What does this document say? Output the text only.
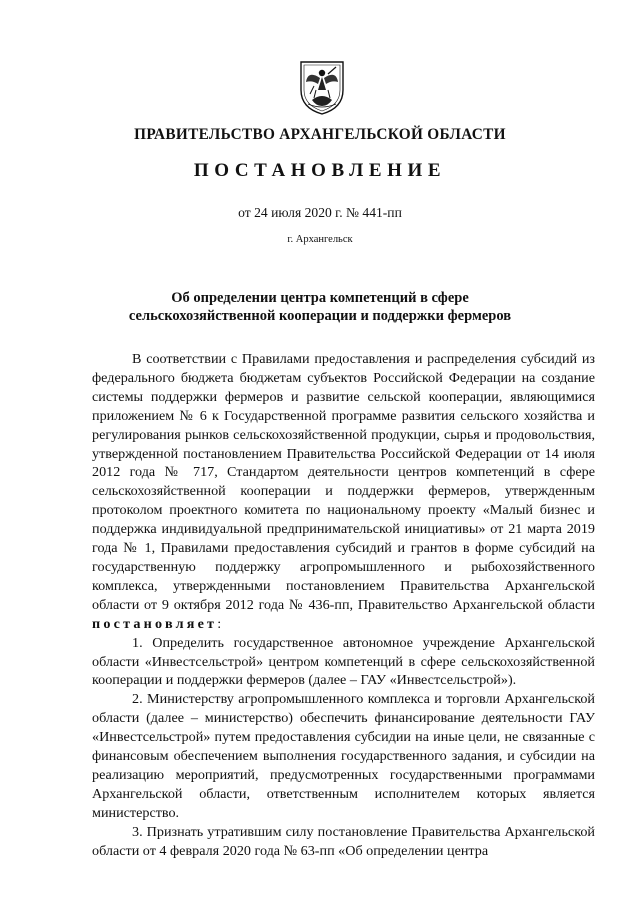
ПРАВИТЕЛЬСТВО АРХАНГЕЛЬСКОЙ ОБЛАСТИ
ПОСТАНОВЛЕНИЕ
от 24 июля 2020 г. № 441-пп
г. Архангельск
Об определении центра компетенций в сфере
сельскохозяйственной кооперации и поддержки фермеров

В соответствии с Правилами предоставления и распределения субсидий из федерального бюджета бюджетам субъектов Российской Федерации на создание системы поддержки фермеров и развитие сельской кооперации, являющимися приложением № 6 к Государственной программе развития сельского хозяйства и регулирования рынков сельскохозяйственной продукции, сырья и продовольствия, утвержденной постановлением Правительства Российской Федерации от 14 июля 2012 года № 717, Стандартом деятельности центров компетенций в сфере сельскохозяйственной кооперации и поддержки фермеров, утвержденным протоколом проектного комитета по национальному проекту «Малый бизнес и поддержка индивидуальной предпринимательской инициативы» от 21 марта 2019 года № 1, Правилами предоставления субсидий и грантов в форме субсидий на государственную поддержку агропромышленного и рыбохозяйственного комплекса, утвержденными постановлением Правительства Архангельской области от 9 октября 2012 года № 436-пп, Правительство Архангельской области постановляет:

1. Определить государственное автономное учреждение Архангельской области «Инвестсельстрой» центром компетенций в сфере сельскохозяйственной кооперации и поддержки фермеров (далее – ГАУ «Инвестсельстрой»).

2. Министерству агропромышленного комплекса и торговли Архангельской области (далее – министерство) обеспечить финансирование деятельности ГАУ «Инвестсельстрой» путем предоставления субсидии на иные цели, не связанные с финансовым обеспечением выполнения государственного задания, и субсидии на реализацию мероприятий, предусмотренных государственными программами Архангельской области, ответственным исполнителем которых является министерство.

3. Признать утратившим силу постановление Правительства Архангельской области от 4 февраля 2020 года № 63-пп «Об определении центра
